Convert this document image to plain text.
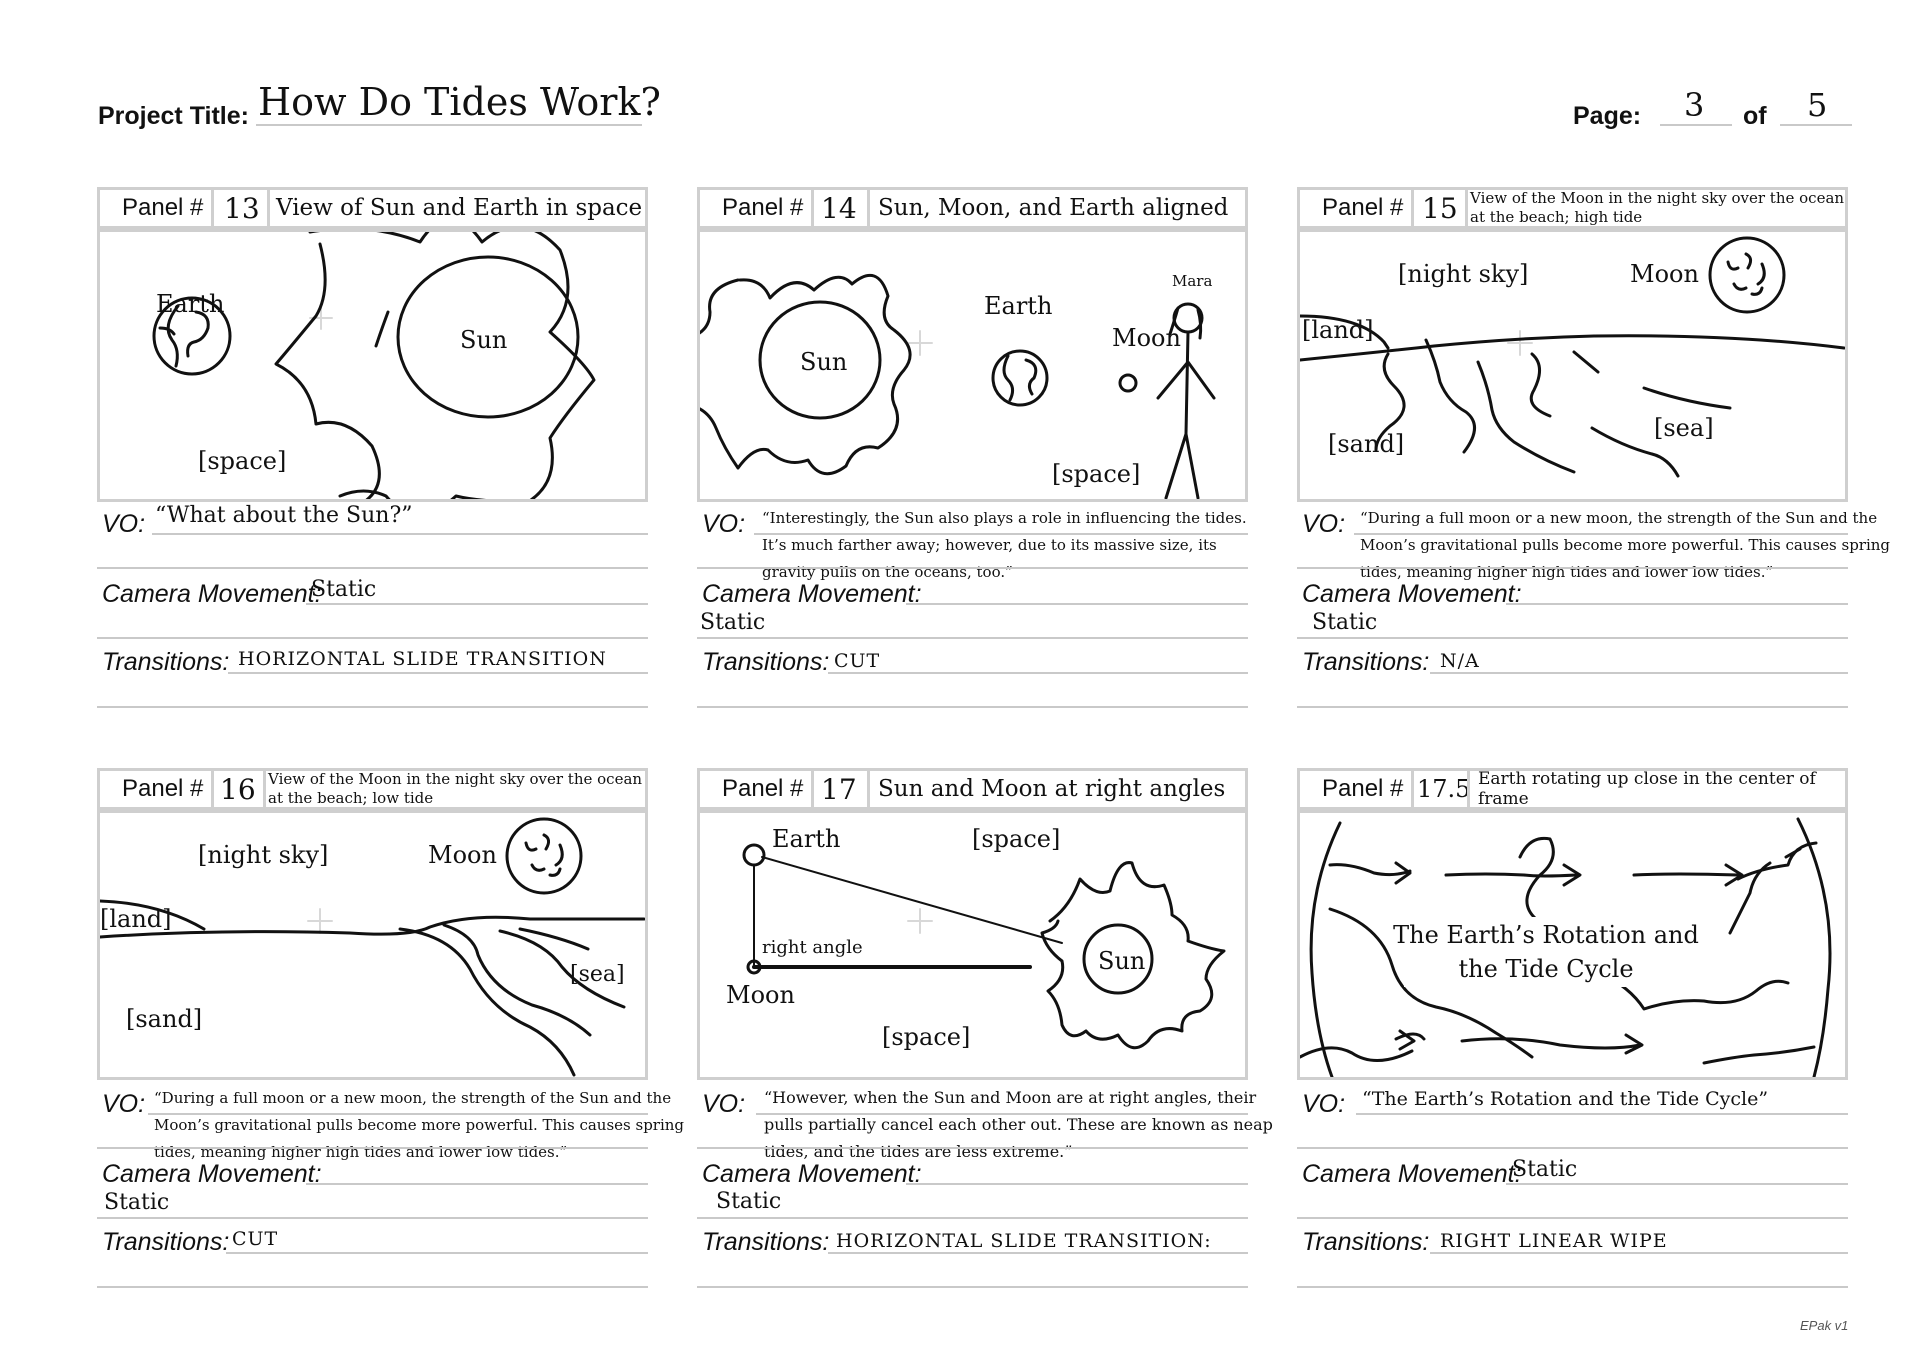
Project Title: How Do Tides Work?	Page: 3 of 5
Panel # 13 View of Sun and Earth in space
Earth
Sun
[space]
VO: “What about the Sun?”
Camera Movement:
Static
Transitions: HORIZONTAL SLIDE TRANSITION
Panel # 14 Sun, Moon, and Earth aligned
Sun
Earth
Moon
Mara
[space]
VO: “Interestingly, the Sun also plays a role in influencing the tides.
It’s much farther away; however, due to its massive size, its
gravity pulls on the oceans, too.”
Camera Movement:
Static
Transitions: CUT
Panel # 15 View of the Moon in the night sky over the ocean
at the beach; high tide
[night sky]	Moon
[land]
[sand]
[sea]
VO: “During a full moon or a new moon, the strength of the Sun and the
Moon’s gravitational pulls become more powerful. This causes spring
tides, meaning higher high tides and lower low tides.”
Camera Movement:
Static
Transitions: N/A
Panel # 16 View of the Moon in the night sky over the ocean
at the beach; low tide
[night sky]	Moon
[land]
[sand]
[sea]
VO: “During a full moon or a new moon, the strength of the Sun and the
Moon’s gravitational pulls become more powerful. This causes spring
tides, meaning higher high tides and lower low tides.”
Camera Movement:
Static
Transitions: CUT
Panel # 17 Sun and Moon at right angles
Earth	[space]
right angle
Moon
Sun
[space]
VO: “However, when the Sun and Moon are at right angles, their
pulls partially cancel each other out. These are known as neap
tides, and the tides are less extreme.”
Camera Movement:
Static
Transitions: HORIZONTAL SLIDE TRANSITION:
Panel # 17.5 Earth rotating up close in the center of frame
The Earth’s Rotation and
the Tide Cycle
VO: “The Earth’s Rotation and the Tide Cycle”
Camera Movement:
Static
Transitions: RIGHT LINEAR WIPE
EPak v1
